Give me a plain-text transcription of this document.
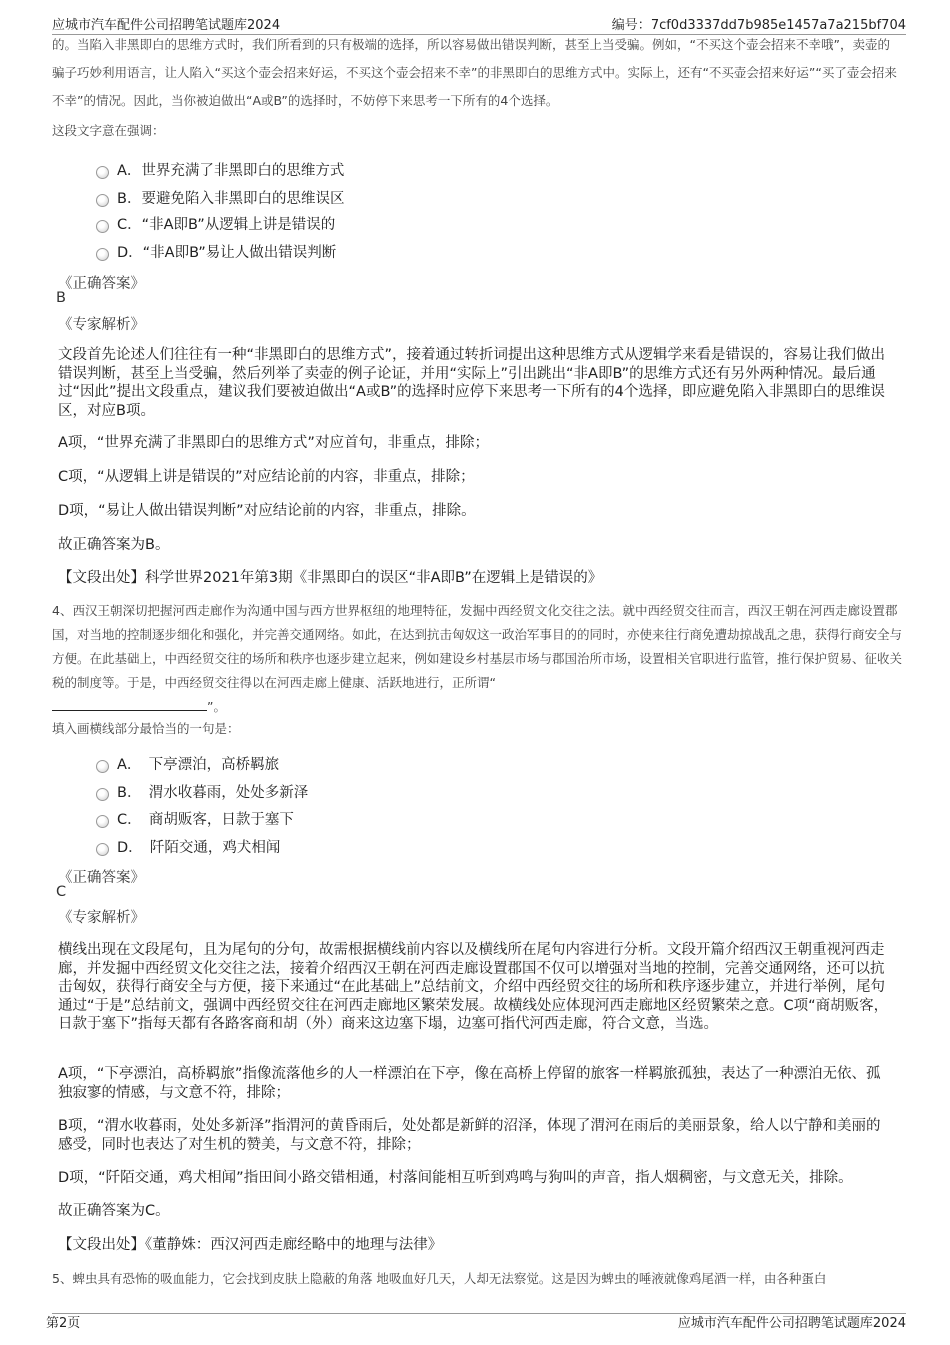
应城市汽车配件公司招聘笔试题库2024	编号：7cf0d3337dd7b985e1457a7a215bf704
的。当陷入非黑即白的思维方式时，我们所看到的只有极端的选择，所以容易做出错误判断，甚至上当受骗。例如，“不买这个壶会招来不幸哦”，卖壶的骗子巧妙利用语言，让人陷入“买这个壶会招来好运，不买这个壶会招来不幸”的非黑即白的思维方式中。实际上，还有“不买壶会招来好运”“买了壶会招来不幸”的情况。因此，当你被迫做出“A或B”的选择时，不妨停下来思考一下所有的4个选择。
这段文字意在强调：
A．世界充满了非黑即白的思维方式
B．要避免陷入非黑即白的思维误区
C．“非A即B”从逻辑上讲是错误的
D．“非A即B”易让人做出错误判断
《正确答案》
B
《专家解析》
文段首先论述人们往往有一种“非黑即白的思维方式”，接着通过转折词提出这种思维方式从逻辑学来看是错误的，容易让我们做出错误判断，甚至上当受骗，然后列举了卖壶的例子论证，并用“实际上”引出跳出“非A即B”的思维方式还有另外两种情况。最后通过“因此”提出文段重点，建议我们要被迫做出“A或B”的选择时应停下来思考一下所有的4个选择，即应避免陷入非黑即白的思维误区，对应B项。
A项，“世界充满了非黑即白的思维方式”对应首句，非重点，排除；
C项，“从逻辑上讲是错误的”对应结论前的内容，非重点，排除；
D项，“易让人做出错误判断”对应结论前的内容，非重点，排除。
故正确答案为B。
【文段出处】科学世界2021年第3期《非黑即白的误区“非A即B”在逻辑上是错误的》
4、西汉王朝深切把握河西走廊作为沟通中国与西方世界枢纽的地理特征，发掘中西经贸文化交往之法。就中西经贸交往而言，西汉王朝在河西走廊设置郡国，对当地的控制逐步细化和强化，并完善交通网络。如此，在达到抗击匈奴这一政治军事目的的同时，亦使来往行商免遭劫掠战乱之患，获得行商安全与方便。在此基础上，中西经贸交往的场所和秩序也逐步建立起来，例如建设乡村基层市场与郡国治所市场，设置相关官职进行监管，推行保护贸易、征收关税的制度等。于是，中西经贸交往得以在河西走廊上健康、活跃地进行，正所谓“
”。
填入画横线部分最恰当的一句是：
A．　下亭漂泊，高桥羁旅
B．　渭水收暮雨，处处多新泽
C．　商胡贩客，日款于塞下
D．　阡陌交通，鸡犬相闻
《正确答案》
C
《专家解析》
横线出现在文段尾句，且为尾句的分句，故需根据横线前内容以及横线所在尾句内容进行分析。文段开篇介绍西汉王朝重视河西走廊，并发掘中西经贸文化交往之法，接着介绍西汉王朝在河西走廊设置郡国不仅可以增强对当地的控制，完善交通网络，还可以抗击匈奴，获得行商安全与方便，接下来通过“在此基础上”总结前文，介绍中西经贸交往的场所和秩序逐步建立，并进行举例，尾句通过“于是”总结前文，强调中西经贸交往在河西走廊地区繁荣发展。故横线处应体现河西走廊地区经贸繁荣之意。C项“商胡贩客，日款于塞下”指每天都有各路客商和胡（外）商来这边塞下塌，边塞可指代河西走廊，符合文意，当选。
A项，“下亭漂泊，高桥羁旅”指像流落他乡的人一样漂泊在下亭，像在高桥上停留的旅客一样羁旅孤独，表达了一种漂泊无依、孤独寂寥的情感，与文意不符，排除；
B项，“渭水收暮雨，处处多新泽”指渭河的黄昏雨后，处处都是新鲜的沼泽，体现了渭河在雨后的美丽景象，给人以宁静和美丽的感受，同时也表达了对生机的赞美，与文意不符，排除；
D项，“阡陌交通，鸡犬相闻”指田间小路交错相通，村落间能相互听到鸡鸣与狗叫的声音，指人烟稠密，与文意无关，排除。
故正确答案为C。
【文段出处】《董静姝：西汉河西走廊经略中的地理与法律》
5、蜱虫具有恐怖的吸血能力，它会找到皮肤上隐蔽的角落 地吸血好几天，人却无法察觉。这是因为蜱虫的唾液就像鸡尾酒一样，由各种蛋白
第2页	应城市汽车配件公司招聘笔试题库2024
